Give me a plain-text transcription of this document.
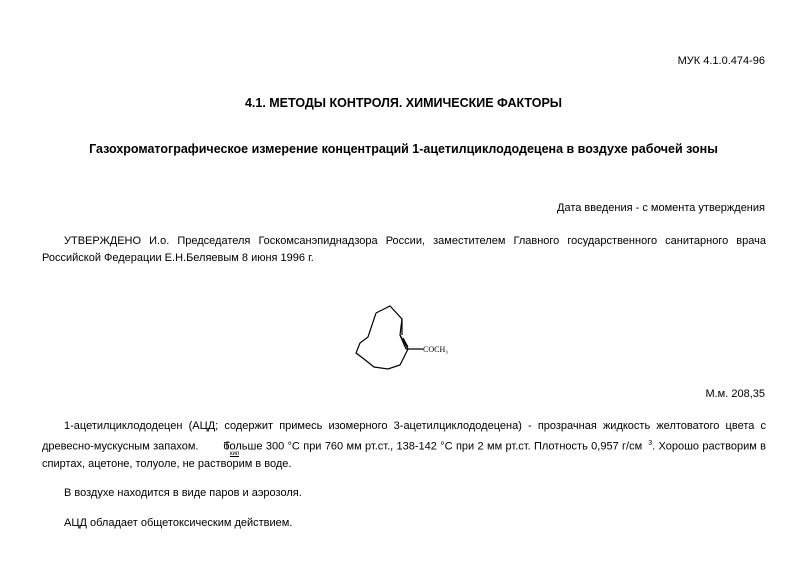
МУК 4.1.0.474-96
4.1. МЕТОДЫ КОНТРОЛЯ. ХИМИЧЕСКИЕ ФАКТОРЫ
Газохроматографическое измерение концентраций 1-ацетилциклододецена в воздухе рабочей зоны
Дата введения - с момента утверждения
УТВЕРЖДЕНО И.о. Председателя Госкомсанэпиднадзора России, заместителем Главного государственного санитарного врача Российской Федерации Е.Н.Беляевым 8 июня 1996 г.
COCH₃
М.м. 208,35
1-ацетилциклододецен (АЦД; содержит примесь изомерного 3-ацетилциклододецена) - прозрачная жидкость желтоватого цвета с древесно-мускусным запахом. T кип больше 300 °С при 760 мм рт.ст., 138-142 °С при 2 мм рт.ст. Плотность 0,957 г/см $^3$. Хорошо растворим в спиртах, ацетоне, толуоле, не растворим в воде.
В воздухе находится в виде паров и аэрозоля.
АЦД обладает общетоксическим действием.
